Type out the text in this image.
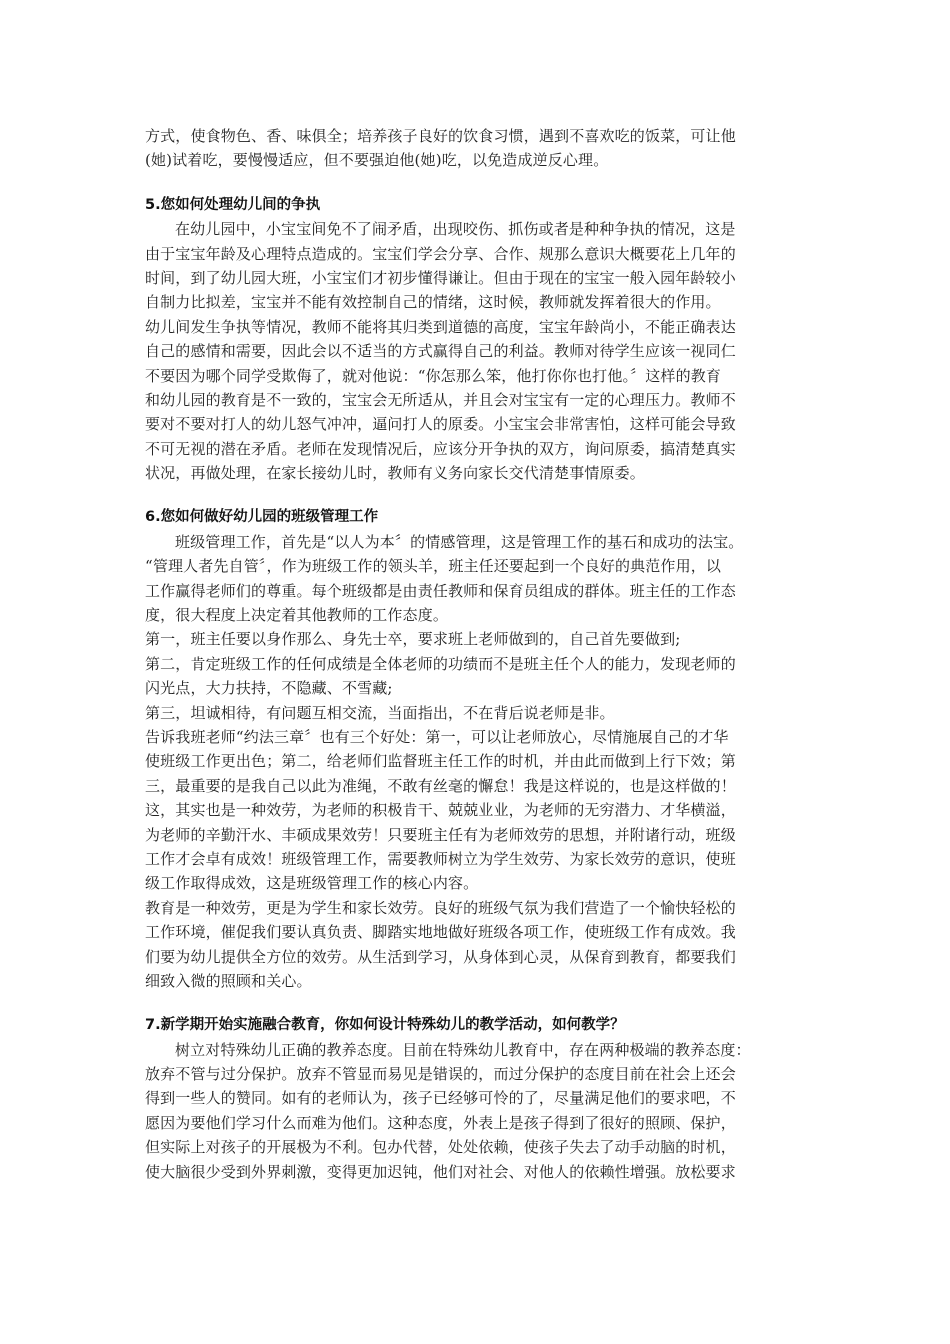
方式，使食物色、香、味俱全；培养孩子良好的饮食习惯，遇到不喜欢吃的饭菜，可让他
(她)试着吃，要慢慢适应，但不要强迫他(她)吃，以免造成逆反心理。
5.您如何处理幼儿间的争执
在幼儿园中，小宝宝间免不了闹矛盾，出现咬伤、抓伤或者是种种争执的情况，这是
由于宝宝年龄及心理特点造成的。宝宝们学会分享、合作、规那么意识大概要花上几年的
时间，到了幼儿园大班，小宝宝们才初步懂得谦让。但由于现在的宝宝一般入园年龄较小
自制力比拟差，宝宝并不能有效控制自己的情绪，这时候，教师就发挥着很大的作用。
幼儿间发生争执等情况，教师不能将其归类到道德的高度，宝宝年龄尚小，不能正确表达
自己的感情和需要，因此会以不适当的方式赢得自己的利益。教师对待学生应该一视同仁
不要因为哪个同学受欺侮了，就对他说：“你怎那么笨，他打你你也打他。〞这样的教育
和幼儿园的教育是不一致的，宝宝会无所适从，并且会对宝宝有一定的心理压力。教师不
要对不要对打人的幼儿怒气冲冲，逼问打人的原委。小宝宝会非常害怕，这样可能会导致
不可无视的潜在矛盾。老师在发现情况后，应该分开争执的双方，询问原委，搞清楚真实
状况，再做处理，在家长接幼儿时，教师有义务向家长交代清楚事情原委。
6.您如何做好幼儿园的班级管理工作
班级管理工作，首先是“以人为本〞的情感管理，这是管理工作的基石和成功的法宝。
“管理人者先自管〞，作为班级工作的领头羊，班主任还要起到一个良好的典范作用，以
工作赢得老师们的尊重。每个班级都是由责任教师和保育员组成的群体。班主任的工作态
度，很大程度上决定着其他教师的工作态度。
第一，班主任要以身作那么、身先士卒，要求班上老师做到的，自己首先要做到;
第二，肯定班级工作的任何成绩是全体老师的功绩而不是班主任个人的能力，发现老师的
闪光点，大力扶持，不隐藏、不雪藏;
第三，坦诚相待，有问题互相交流，当面指出，不在背后说老师是非。
告诉我班老师“约法三章〞也有三个好处：第一，可以让老师放心，尽情施展自己的才华
使班级工作更出色；第二，给老师们监督班主任工作的时机，并由此而做到上行下效；第
三，最重要的是我自己以此为准绳，不敢有丝毫的懈怠！我是这样说的，也是这样做的！
这，其实也是一种效劳，为老师的积极肯干、兢兢业业，为老师的无穷潜力、才华横溢，
为老师的辛勤汗水、丰硕成果效劳！只要班主任有为老师效劳的思想，并附诸行动，班级
工作才会卓有成效！班级管理工作，需要教师树立为学生效劳、为家长效劳的意识，使班
级工作取得成效，这是班级管理工作的核心内容。
教育是一种效劳，更是为学生和家长效劳。良好的班级气氛为我们营造了一个愉快轻松的
工作环境，催促我们要认真负责、脚踏实地地做好班级各项工作，使班级工作有成效。我
们要为幼儿提供全方位的效劳。从生活到学习，从身体到心灵，从保育到教育，都要我们
细致入微的照顾和关心。
7.新学期开始实施融合教育，你如何设计特殊幼儿的教学活动，如何教学？
树立对特殊幼儿正确的教养态度。目前在特殊幼儿教育中，存在两种极端的教养态度：
放弃不管与过分保护。放弃不管显而易见是错误的，而过分保护的态度目前在社会上还会
得到一些人的赞同。如有的老师认为，孩子已经够可怜的了，尽量满足他们的要求吧，不
愿因为要他们学习什么而难为他们。这种态度，外表上是孩子得到了很好的照顾、保护，
但实际上对孩子的开展极为不利。包办代替，处处依赖，使孩子失去了动手动脑的时机，
使大脑很少受到外界刺激，变得更加迟钝，他们对社会、对他人的依赖性增强。放松要求
